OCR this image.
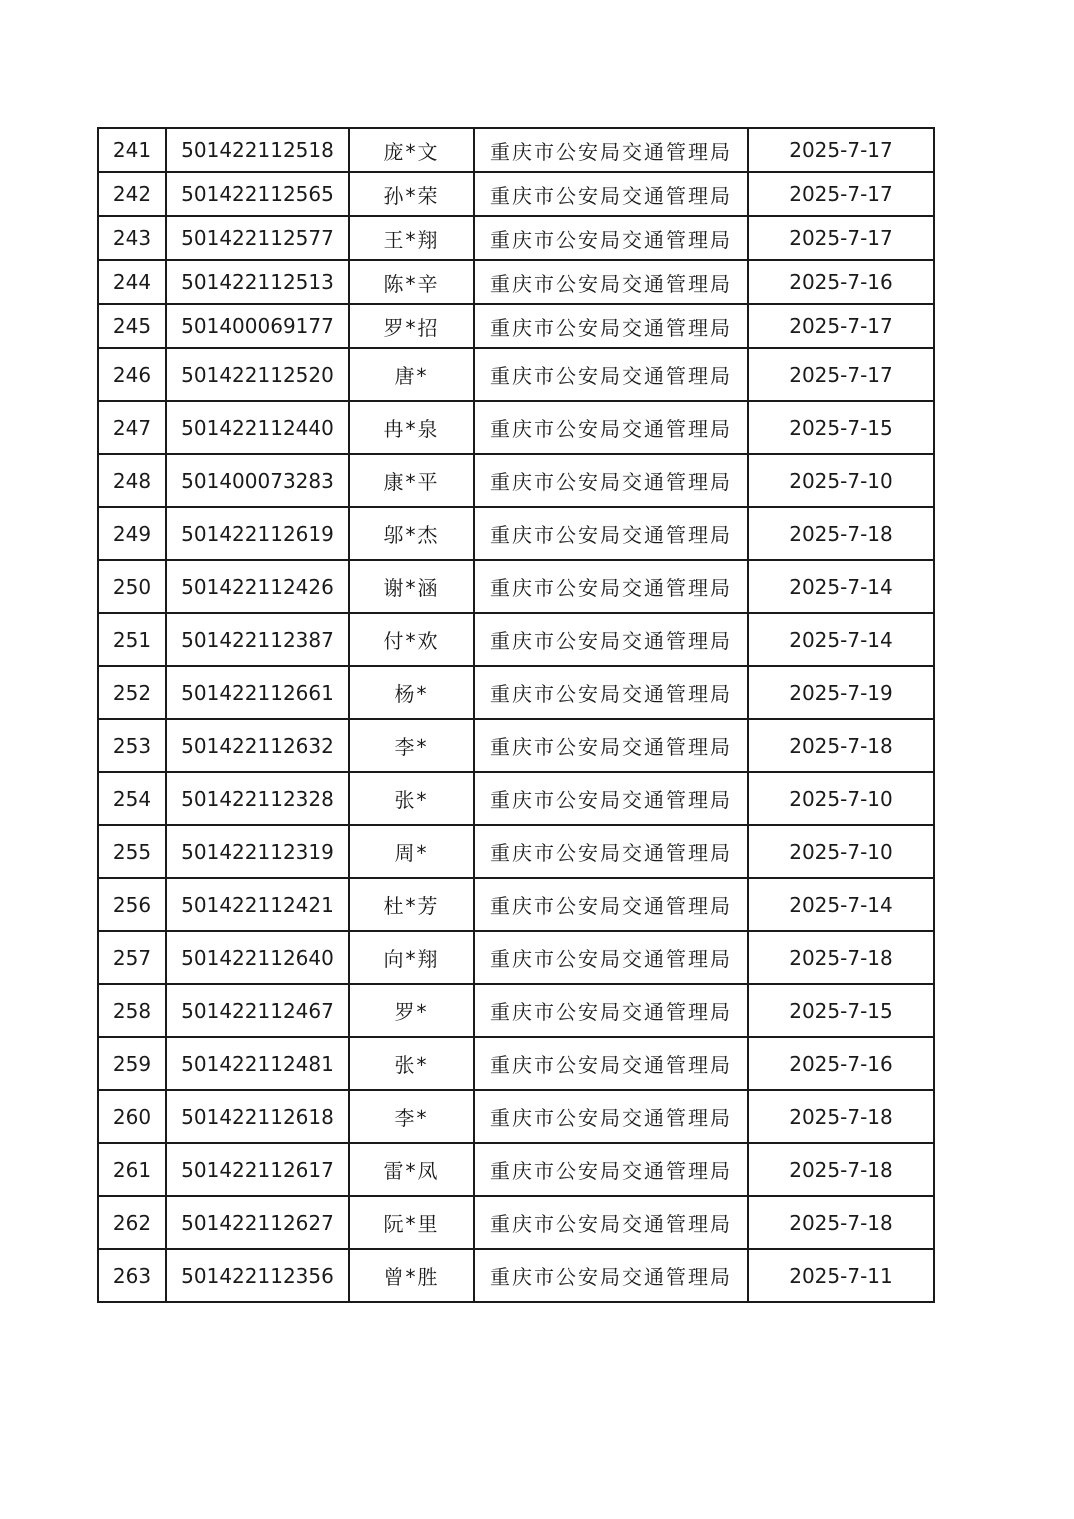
241	501422112518	庞*文	重庆市公安局交通管理局	2025-7-17
242	501422112565	孙*荣	重庆市公安局交通管理局	2025-7-17
243	501422112577	王*翔	重庆市公安局交通管理局	2025-7-17
244	501422112513	陈*辛	重庆市公安局交通管理局	2025-7-16
245	501400069177	罗*招	重庆市公安局交通管理局	2025-7-17
246	501422112520	唐*	重庆市公安局交通管理局	2025-7-17
247	501422112440	冉*泉	重庆市公安局交通管理局	2025-7-15
248	501400073283	康*平	重庆市公安局交通管理局	2025-7-10
249	501422112619	邬*杰	重庆市公安局交通管理局	2025-7-18
250	501422112426	谢*涵	重庆市公安局交通管理局	2025-7-14
251	501422112387	付*欢	重庆市公安局交通管理局	2025-7-14
252	501422112661	杨*	重庆市公安局交通管理局	2025-7-19
253	501422112632	李*	重庆市公安局交通管理局	2025-7-18
254	501422112328	张*	重庆市公安局交通管理局	2025-7-10
255	501422112319	周*	重庆市公安局交通管理局	2025-7-10
256	501422112421	杜*芳	重庆市公安局交通管理局	2025-7-14
257	501422112640	向*翔	重庆市公安局交通管理局	2025-7-18
258	501422112467	罗*	重庆市公安局交通管理局	2025-7-15
259	501422112481	张*	重庆市公安局交通管理局	2025-7-16
260	501422112618	李*	重庆市公安局交通管理局	2025-7-18
261	501422112617	雷*凤	重庆市公安局交通管理局	2025-7-18
262	501422112627	阮*里	重庆市公安局交通管理局	2025-7-18
263	501422112356	曾*胜	重庆市公安局交通管理局	2025-7-11
